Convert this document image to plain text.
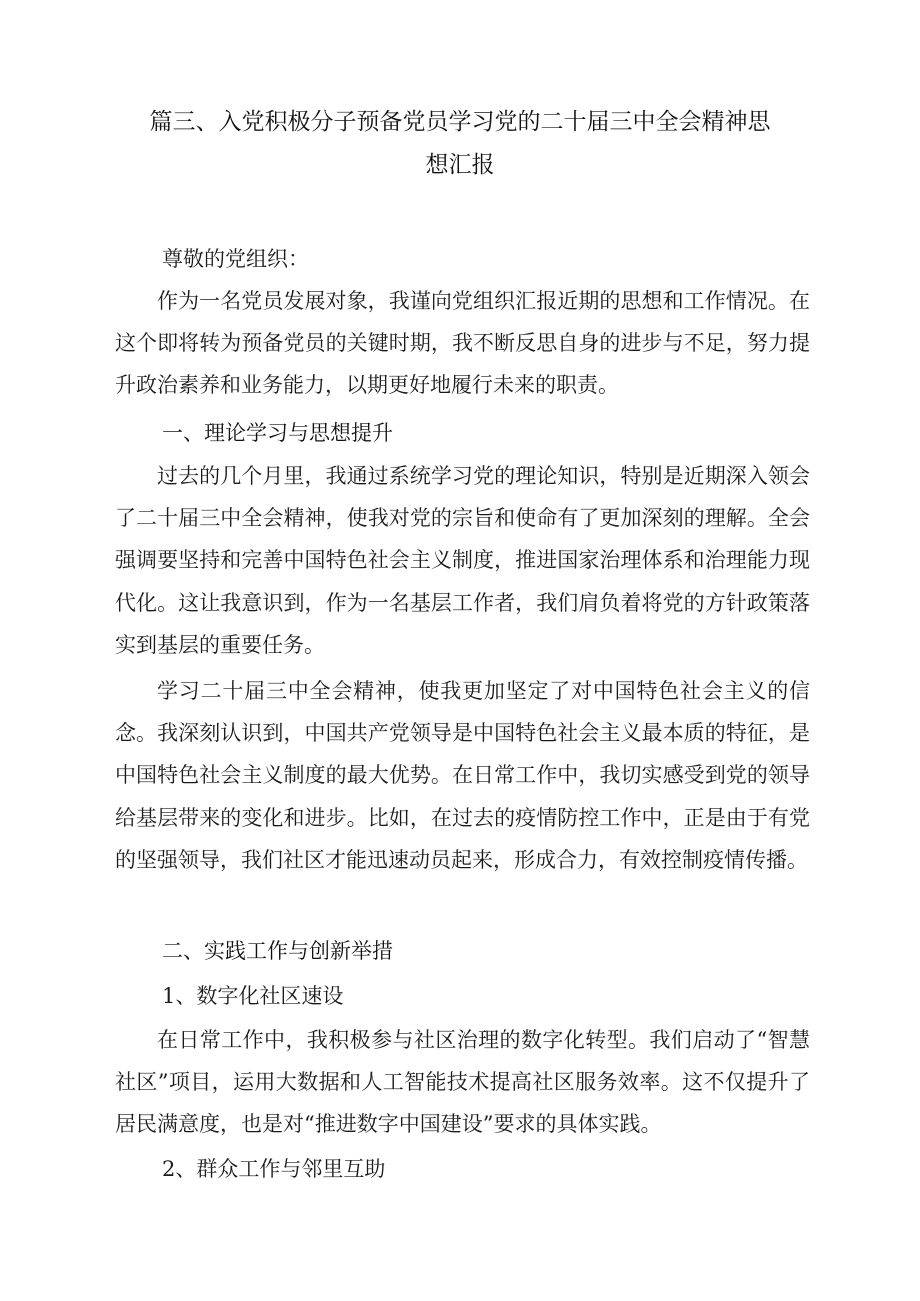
篇三、入党积极分子预备党员学习党的二十届三中全会精神思
想汇报
尊敬的党组织：

作为一名党员发展对象，我谨向党组织汇报近期的思想和工作情况。在这个即将转为预备党员的关键时期，我不断反思自身的进步与不足，努力提升政治素养和业务能力，以期更好地履行未来的职责。

一、理论学习与思想提升

过去的几个月里，我通过系统学习党的理论知识，特别是近期深入领会了二十届三中全会精神，使我对党的宗旨和使命有了更加深刻的理解。全会强调要坚持和完善中国特色社会主义制度，推进国家治理体系和治理能力现代化。这让我意识到，作为一名基层工作者，我们肩负着将党的方针政策落实到基层的重要任务。

学习二十届三中全会精神，使我更加坚定了对中国特色社会主义的信念。我深刻认识到，中国共产党领导是中国特色社会主义最本质的特征，是中国特色社会主义制度的最大优势。在日常工作中，我切实感受到党的领导给基层带来的变化和进步。比如，在过去的疫情防控工作中，正是由于有党的坚强领导，我们社区才能迅速动员起来，形成合力，有效控制疫情传播。

二、实践工作与创新举措
1、数字化社区速设

在日常工作中，我积极参与社区治理的数字化转型。我们启动了“智慧社区”项目，运用大数据和人工智能技术提高社区服务效率。这不仅提升了居民满意度，也是对“推进数字中国建设”要求的具体实践。

2、群众工作与邻里互助
